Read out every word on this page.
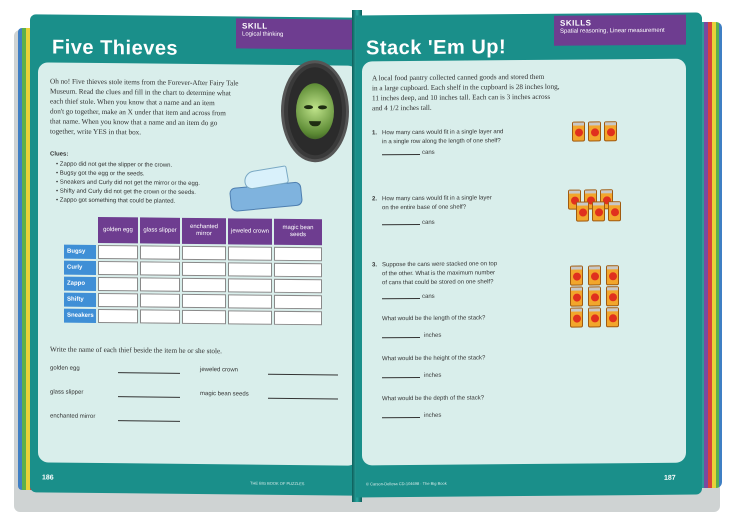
Five Thieves
SKILL
Logical thinking
Oh no! Five thieves stole items from the Forever-After Fairy Tale
Museum. Read the clues and fill in the chart to determine what
each thief stole. When you know that a name and an item
don't go together, make an X under that item and across from
that name. When you know that a name and an item do go
together, write YES in that box.
Clues:
• Zappo did not get the slipper or the crown.
• Bugsy got the egg or the seeds.
• Sneakers and Curly did not get the mirror or the egg.
• Shifty and Curly did not get the crown or the seeds.
• Zappo got something that could be planted.
golden egg	glass slipper	enchanted mirror	jeweled crown	magic bean seeds
Bugsy
Curly
Zappo
Shifty
Sneakers
Write the name of each thief beside the item he or she stole.
golden egg
glass slipper
enchanted mirror
jeweled crown
magic bean seeds
186
THE BIG BOOK OF PUZZLES
Stack 'Em Up!
SKILLS
Spatial reasoning, Linear measurement
A local food pantry collected canned goods and stored them
in a large cupboard. Each shelf in the cupboard is 28 inches long,
11 inches deep, and 10 inches tall. Each can is 3 inches across
and 4 1/2 inches tall.
1. How many cans would fit in a single layer and
in a single row along the length of one shelf?
cans
2. How many cans would fit in a single layer
on the entire base of one shelf?
cans
3. Suppose the cans were stacked one on top
of the other. What is the maximum number
of cans that could be stored on one shelf?
cans
What would be the length of the stack?
inches
What would be the height of the stack?
inches
What would be the depth of the stack?
inches
© Carson-Dellosa CD-104698 · The Big Book
187
